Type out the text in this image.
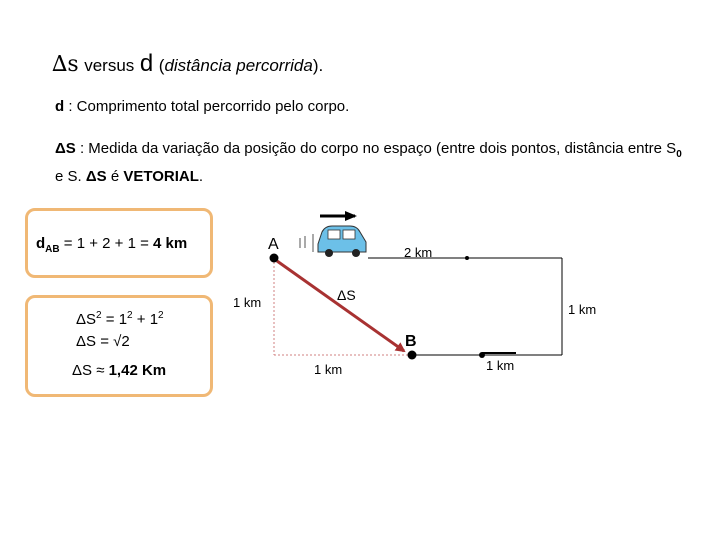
∆s versus d (distância percorrida).
d : Comprimento total percorrido pelo corpo.
ΔS : Medida da variação da posição do corpo no espaço (entre dois pontos, distância entre $S_0$ e S. ΔS é VETORIAL.
$d_{AB} = 1 + 2 + 1 = 4$ km
$\Delta S^2 = 1^2 + 1^2$
ΔS = √2
ΔS ≈ 1,42 Km
A
B
2 km
1 km	1 km
1 km	1 km
ΔS
